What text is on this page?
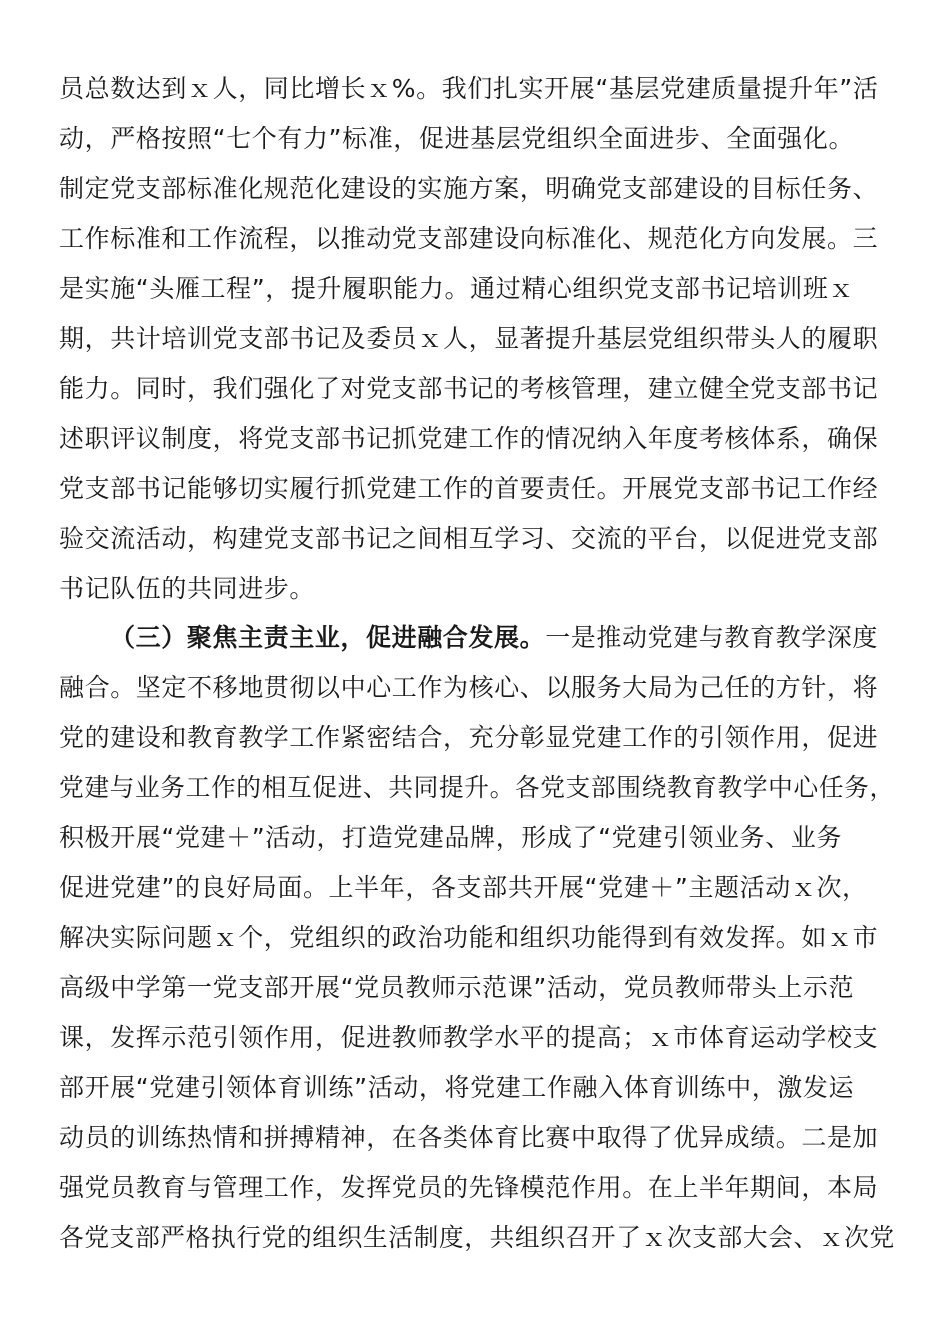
员总数达到ｘ人，同比增长ｘ%。我们扎实开展“基层党建质量提升年”活
动，严格按照“七个有力”标准，促进基层党组织全面进步、全面强化。
制定党支部标准化规范化建设的实施方案，明确党支部建设的目标任务、
工作标准和工作流程，以推动党支部建设向标准化、规范化方向发展。三
是实施“头雁工程”，提升履职能力。通过精心组织党支部书记培训班ｘ
期，共计培训党支部书记及委员ｘ人，显著提升基层党组织带头人的履职
能力。同时，我们强化了对党支部书记的考核管理，建立健全党支部书记
述职评议制度，将党支部书记抓党建工作的情况纳入年度考核体系，确保
党支部书记能够切实履行抓党建工作的首要责任。开展党支部书记工作经
验交流活动，构建党支部书记之间相互学习、交流的平台，以促进党支部
书记队伍的共同进步。
（三）聚焦主责主业，促进融合发展。一是推动党建与教育教学深度
融合。坚定不移地贯彻以中心工作为核心、以服务大局为己任的方针，将
党的建设和教育教学工作紧密结合，充分彰显党建工作的引领作用，促进
党建与业务工作的相互促进、共同提升。各党支部围绕教育教学中心任务，
积极开展“党建＋”活动，打造党建品牌，形成了“党建引领业务、业务
促进党建”的良好局面。上半年，各支部共开展“党建＋”主题活动ｘ次，
解决实际问题ｘ个，党组织的政治功能和组织功能得到有效发挥。如ｘ市
高级中学第一党支部开展“党员教师示范课”活动，党员教师带头上示范
课，发挥示范引领作用，促进教师教学水平的提高；ｘ市体育运动学校支
部开展“党建引领体育训练”活动，将党建工作融入体育训练中，激发运
动员的训练热情和拼搏精神，在各类体育比赛中取得了优异成绩。二是加
强党员教育与管理工作，发挥党员的先锋模范作用。在上半年期间，本局
各党支部严格执行党的组织生活制度，共组织召开了ｘ次支部大会、ｘ次党
